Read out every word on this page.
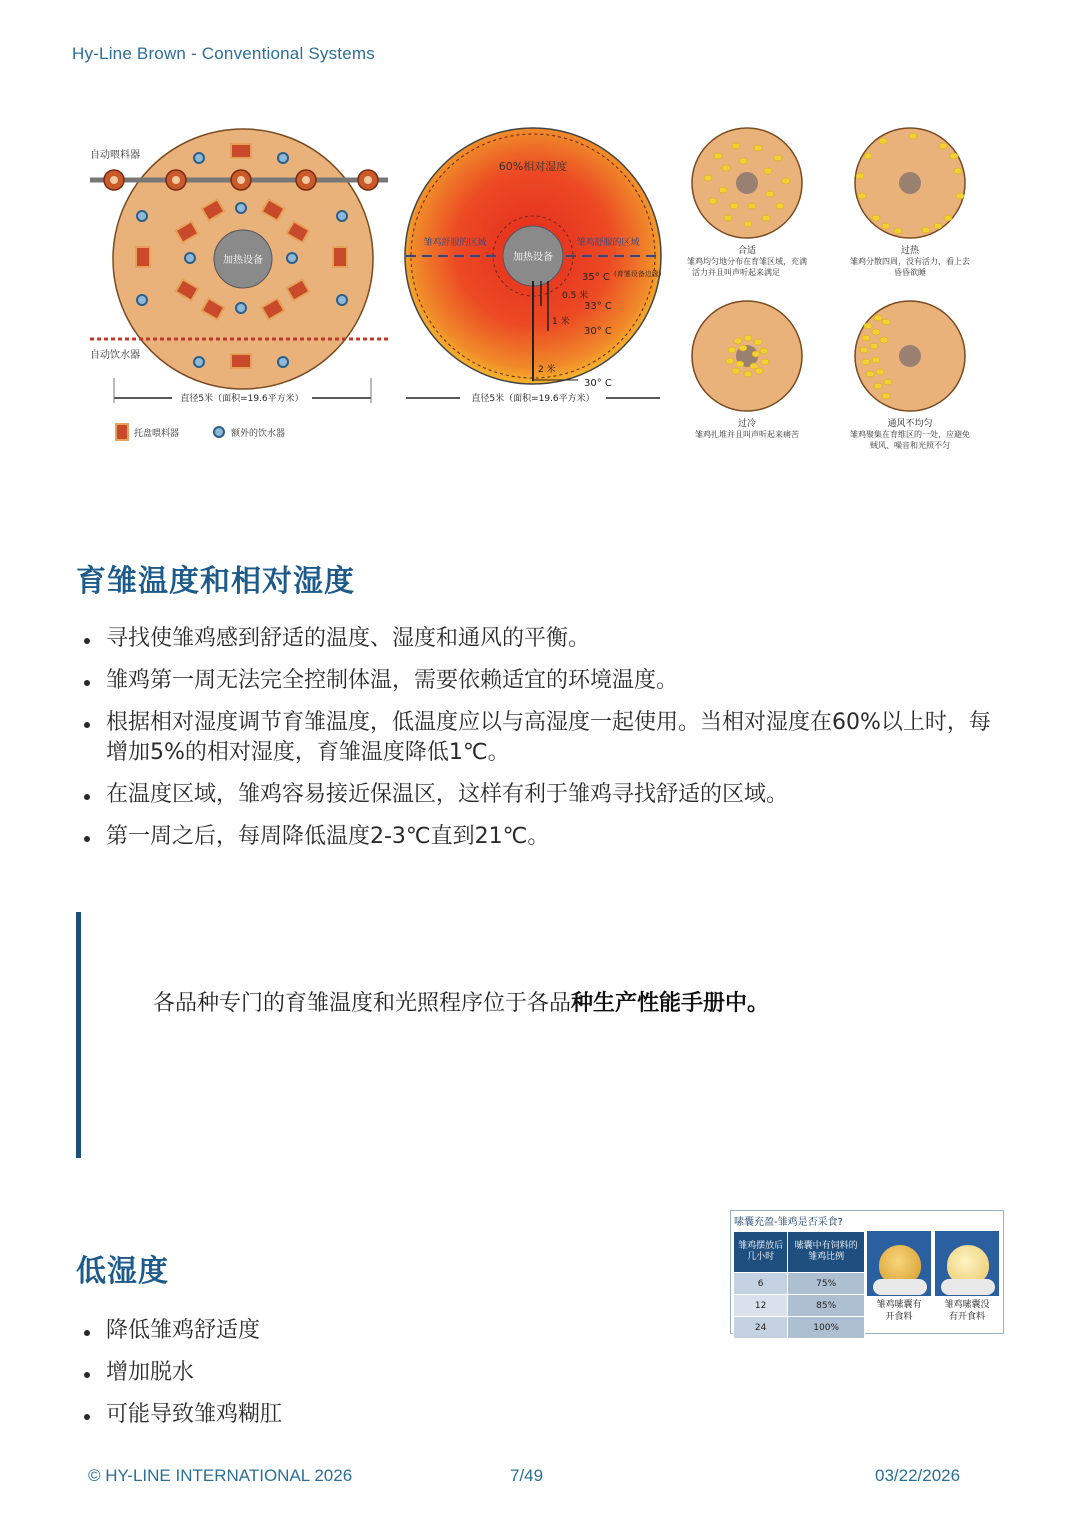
Hy-Line Brown - Conventional Systems
自动喂料器
自动饮水器
加热设备
直径5米（面积=19.6平方米）
托盘喂料器	额外的饮水器
60%相对湿度
雏鸡舒服的区域	雏鸡舒服的区域
加热设备
35° C (育雏设备边缘)
0.5 米
33° C
1 米
30° C
2 米
30° C
直径5米（面积=19.6平方米）
合适
雏鸡均匀地分布在育雏区域，充满
活力并且叫声听起来满足
过热
雏鸡分散四周，没有活力，看上去
昏昏欲睡
过冷
雏鸡扎堆并且叫声听起来痛苦
通风不均匀
雏鸡聚集在育维区的一处，应避免
贼风、噪音和光照不匀
育雏温度和相对湿度
寻找使雏鸡感到舒适的温度、湿度和通风的平衡。
雏鸡第一周无法完全控制体温，需要依赖适宜的环境温度。
根据相对湿度调节育雏温度，低温度应以与高湿度一起使用。当相对湿度在60%以上时，每增加5%的相对湿度，育雏温度降低1℃。
在温度区域，雏鸡容易接近保温区，这样有利于雏鸡寻找舒适的区域。
第一周之后，每周降低温度2-3℃直到21℃。

各品种专门的育雏温度和光照程序位于各品种生产性能手册中。

嗉囊充盈-雏鸡是否采食?
雏鸡摆放后几小时	嗉囊中有饲料的雏鸡比例
6	75%
12	85%
24	100%
雏鸡嗉囊有
开食料
雏鸡嗉囊没
有开食料
低湿度
降低雏鸡舒适度
增加脱水
可能导致雏鸡糊肛
© HY-LINE INTERNATIONAL 2026	7/49	03/22/2026
